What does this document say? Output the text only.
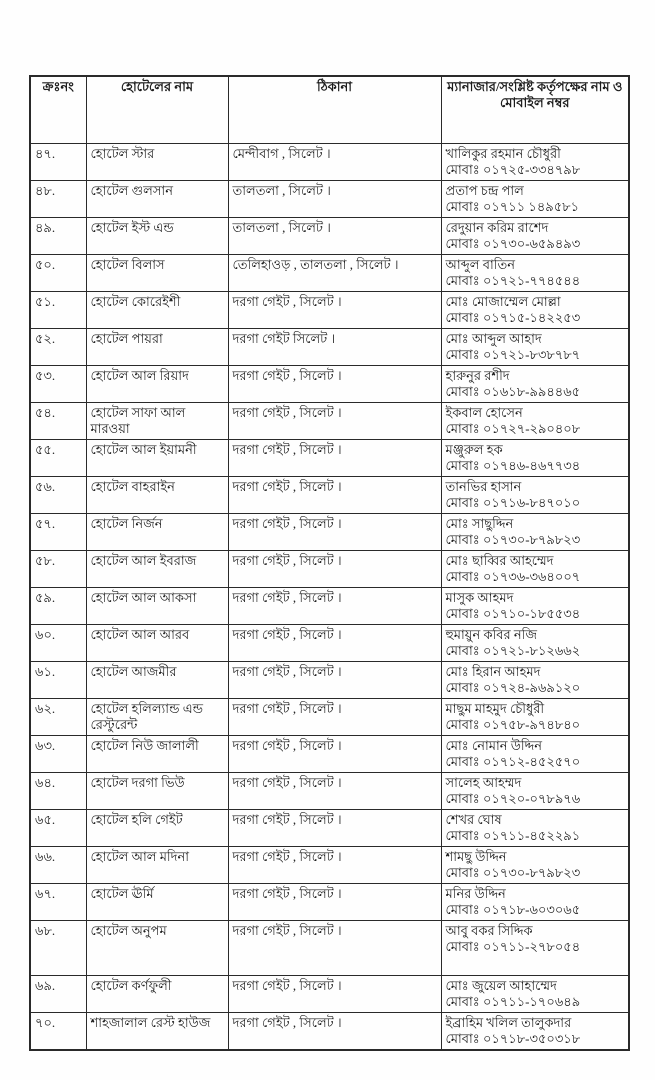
ক্রঃনং	হোটেলের নাম	ঠিকানা	ম্যানাজার/সংশ্লিষ্ট কর্তৃপক্ষের নাম ও মোবাইল নম্বর
৪৭.	হোটেল স্টার	মেন্দীবাগ , সিলেট ।	খালিকুর রহমান চৌধুরী
মোবাঃ ০১৭২৫-৩৩৪৭৯৮

৪৮.	হোটেল গুলসান	তালতলা , সিলেট ।	প্রতাপ চন্দ্র পাল
মোবাঃ ০১৭১১ ১৪৯৫৮১

৪৯.	হোটেল ইস্ট এন্ড	তালতলা , সিলেট ।	রেদুয়ান করিম রাশেদ
মোবাঃ ০১৭৩০-৬৫৯৪৯৩

৫০.	হোটেল বিলাস	তেলিহাওড় , তালতলা , সিলেট ।	আব্দুল বাতিন
মোবাঃ ০১৭২১-৭৭৪৫৪৪

৫১.	হোটেল কোরেইশী	দরগা গেইট , সিলেট ।	মোঃ মোজাম্মেল মোল্লা
মোবাঃ ০১৭১৫-১৪২২৫৩

৫২.	হোটেল পায়রা	দরগা গেইট সিলেট ।	মোঃ আব্দুল আহাদ
মোবাঃ ০১৭২১-৮৩৮৭৮৭

৫৩.	হোটেল আল রিয়াদ	দরগা গেইট , সিলেট ।	হারুনুর রশীদ
মোবাঃ ০১৬১৮-৯৯৪৪৬৫

৫৪.	হোটেল সাফা আল মারওয়া	দরগা গেইট , সিলেট ।	ইকবাল হোসেন
মোবাঃ ০১৭২৭-২৯০৪০৮

৫৫.	হোটেল আল ইয়ামনী	দরগা গেইট , সিলেট ।	মঞ্জুরুল হক
মোবাঃ ০১৭৪৬-৪৬৭৭৩৪

৫৬.	হোটেল বাহরাইন	দরগা গেইট , সিলেট ।	তানভির হাসান
মোবাঃ ০১৭১৬-৮৪৭০১০

৫৭.	হোটেল নির্জন	দরগা গেইট , সিলেট ।	মোঃ সাছুদ্দিন
মোবাঃ ০১৭৩০-৮৭৯৮২৩

৫৮.	হোটেল আল ইবরাজ	দরগা গেইট , সিলেট ।	মোঃ ছাব্বির আহম্মেদ
মোবাঃ ০১৭৩৬-৩৬৪০০৭

৫৯.	হোটেল আল আকসা	দরগা গেইট , সিলেট ।	মাসুক আহমদ
মোবাঃ ০১৭১০-১৮৫৫৩৪

৬০.	হোটেল আল আরব	দরগা গেইট , সিলেট ।	হুমায়ুন কবির নজি
মোবাঃ ০১৭২১-৮১২৬৬২

৬১.	হোটেল আজমীর	দরগা গেইট , সিলেট ।	মোঃ হিরান আহমদ
মোবাঃ ০১৭২৪-৯৬৯১২০

৬২.	হোটেল হলিল্যান্ড এন্ড রেস্টুরেন্ট	দরগা গেইট , সিলেট ।	মাছুম মাহমুদ চৌধুরী
মোবাঃ ০১৭৫৮-৯৭৪৮৪০

৬৩.	হোটেল নিউ জালালী	দরগা গেইট , সিলেট ।	মোঃ নোমান উদ্দিন
মোবাঃ ০১৭১২-৪৫২৫৭০

৬৪.	হোটেল দরগা ভিউ	দরগা গেইট , সিলেট ।	সালেহ আহম্মদ
মোবাঃ ০১৭২০-০৭৮৯৭৬

৬৫.	হোটেল হলি গেইট	দরগা গেইট , সিলেট ।	শেখর ঘোষ
মোবাঃ ০১৭১১-৪৫২২৯১

৬৬.	হোটেল আল মদিনা	দরগা গেইট , সিলেট ।	শামছু উদ্দিন
মোবাঃ ০১৭৩০-৮৭৯৮২৩

৬৭.	হোটেল ঊর্মি	দরগা গেইট , সিলেট ।	মনির উদ্দিন
মোবাঃ ০১৭১৮-৬০৩০৬৫

৬৮.	হোটেল অনুপম	দরগা গেইট , সিলেট ।	আবু বকর সিদ্দিক
মোবাঃ ০১৭১১-২৭৮০৫৪

৬৯.	হোটেল কর্ণফুলী	দরগা গেইট , সিলেট ।	মোঃ জুয়েল আহাম্মেদ
মোবাঃ ০১৭১১-১৭০৬৪৯

৭০.	শাহজালাল রেস্ট হাউজ	দরগা গেইট , সিলেট ।	ইব্রাহিম খলিল তালুকদার
মোবাঃ ০১৭১৮-৩৫০৩১৮
